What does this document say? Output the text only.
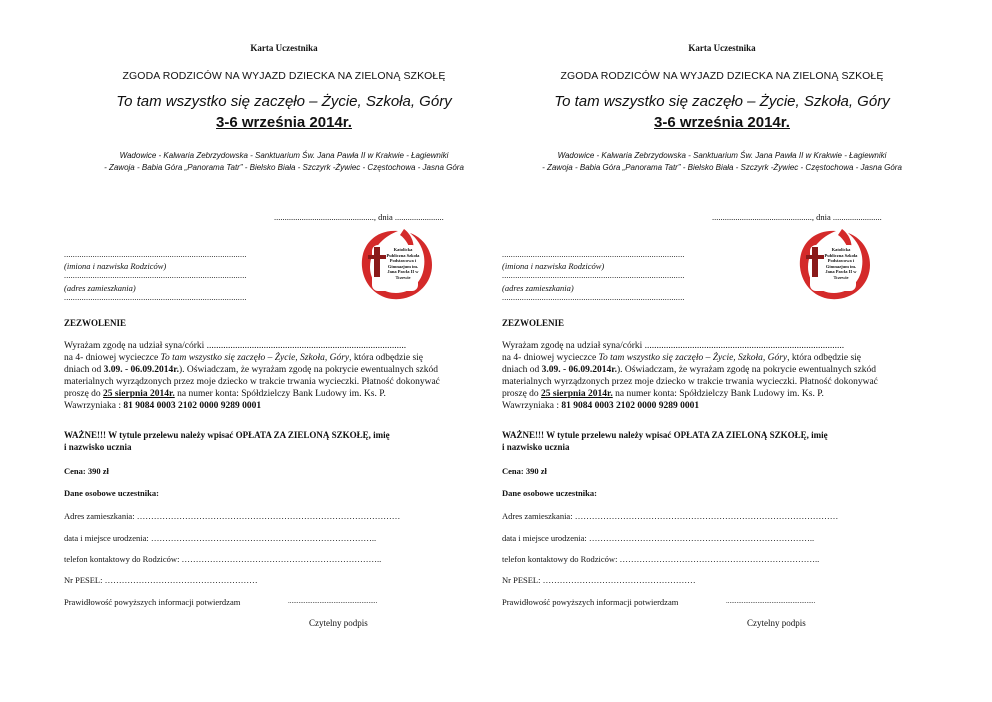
Karta Uczestnika
ZGODA RODZICÓW NA WYJAZD DZIECKA NA ZIELONĄ SZKOŁĘ
To tam wszystko się zaczęło – Życie, Szkoła, Góry
3-6 września 2014r.
Wadowice - Kalwaria Zebrzydowska - Sanktuarium Św. Jana Pawła II w Krakwie - Łagiewniki
- Zawoja - Babia Góra „Panorama Tatr” - Bielsko Biała - Szczyrk -Żywiec - Częstochowa - Jasna Góra
..............................................., dnia .......................
...................................................................................
(imiona i nazwiska Rodziców)
...................................................................................
(adres zamieszkania)
...................................................................................
Katolicka Publiczna Szkoła Podstawowa i Gimnazjum im. Jana Pawła II w Tczewie
ZEZWOLENIE
Wyrażam zgodę na udział syna/córki ....................................................................................
na 4- dniowej wycieczce To tam wszystko się zaczęło – Życie, Szkoła, Góry, która odbędzie się
dniach od 3.09. - 06.09.2014r.). Oświadczam, że wyrażam zgodę na pokrycie ewentualnych szkód
materialnych wyrządzonych przez moje dziecko w trakcie trwania wycieczki. Płatność dokonywać
proszę do 25 sierpnia 2014r. na numer konta: Spółdzielczy Bank Ludowy im. Ks. P.
Wawrzyniaka : 81 9084 0003 2102 0000 9289 0001
WAŻNE!!! W tytule przelewu należy wpisać OPŁATA ZA ZIELONĄ SZKOŁĘ, imię
i nazwisko ucznia
Cena: 390 zł
Dane osobowe uczestnika:
Adres zamieszkania: …………………………………………………………………………………
data i miejsce urodzenia: ……………………………………………………………………..
telefon kontaktowy do Rodziców: ……………………………………………………………..
Nr PESEL: ………………………………………………
Prawidłowość powyższych informacji potwierdzam	...................................................
Czytelny podpis
Karta Uczestnika
ZGODA RODZICÓW NA WYJAZD DZIECKA NA ZIELONĄ SZKOŁĘ
To tam wszystko się zaczęło – Życie, Szkoła, Góry
3-6 września 2014r.
Wadowice - Kalwaria Zebrzydowska - Sanktuarium Św. Jana Pawła II w Krakwie - Łagiewniki
- Zawoja - Babia Góra „Panorama Tatr” - Bielsko Biała - Szczyrk -Żywiec - Częstochowa - Jasna Góra
..............................................., dnia .......................
...................................................................................
(imiona i nazwiska Rodziców)
...................................................................................
(adres zamieszkania)
...................................................................................
Katolicka Publiczna Szkoła Podstawowa i Gimnazjum im. Jana Pawła II w Tczewie
ZEZWOLENIE
Wyrażam zgodę na udział syna/córki ....................................................................................
na 4- dniowej wycieczce To tam wszystko się zaczęło – Życie, Szkoła, Góry, która odbędzie się
dniach od 3.09. - 06.09.2014r.). Oświadczam, że wyrażam zgodę na pokrycie ewentualnych szkód
materialnych wyrządzonych przez moje dziecko w trakcie trwania wycieczki. Płatność dokonywać
proszę do 25 sierpnia 2014r. na numer konta: Spółdzielczy Bank Ludowy im. Ks. P.
Wawrzyniaka : 81 9084 0003 2102 0000 9289 0001
WAŻNE!!! W tytule przelewu należy wpisać OPŁATA ZA ZIELONĄ SZKOŁĘ, imię
i nazwisko ucznia
Cena: 390 zł
Dane osobowe uczestnika:
Adres zamieszkania: …………………………………………………………………………………
data i miejsce urodzenia: ……………………………………………………………………..
telefon kontaktowy do Rodziców: ……………………………………………………………..
Nr PESEL: ………………………………………………
Prawidłowość powyższych informacji potwierdzam	...................................................
Czytelny podpis
